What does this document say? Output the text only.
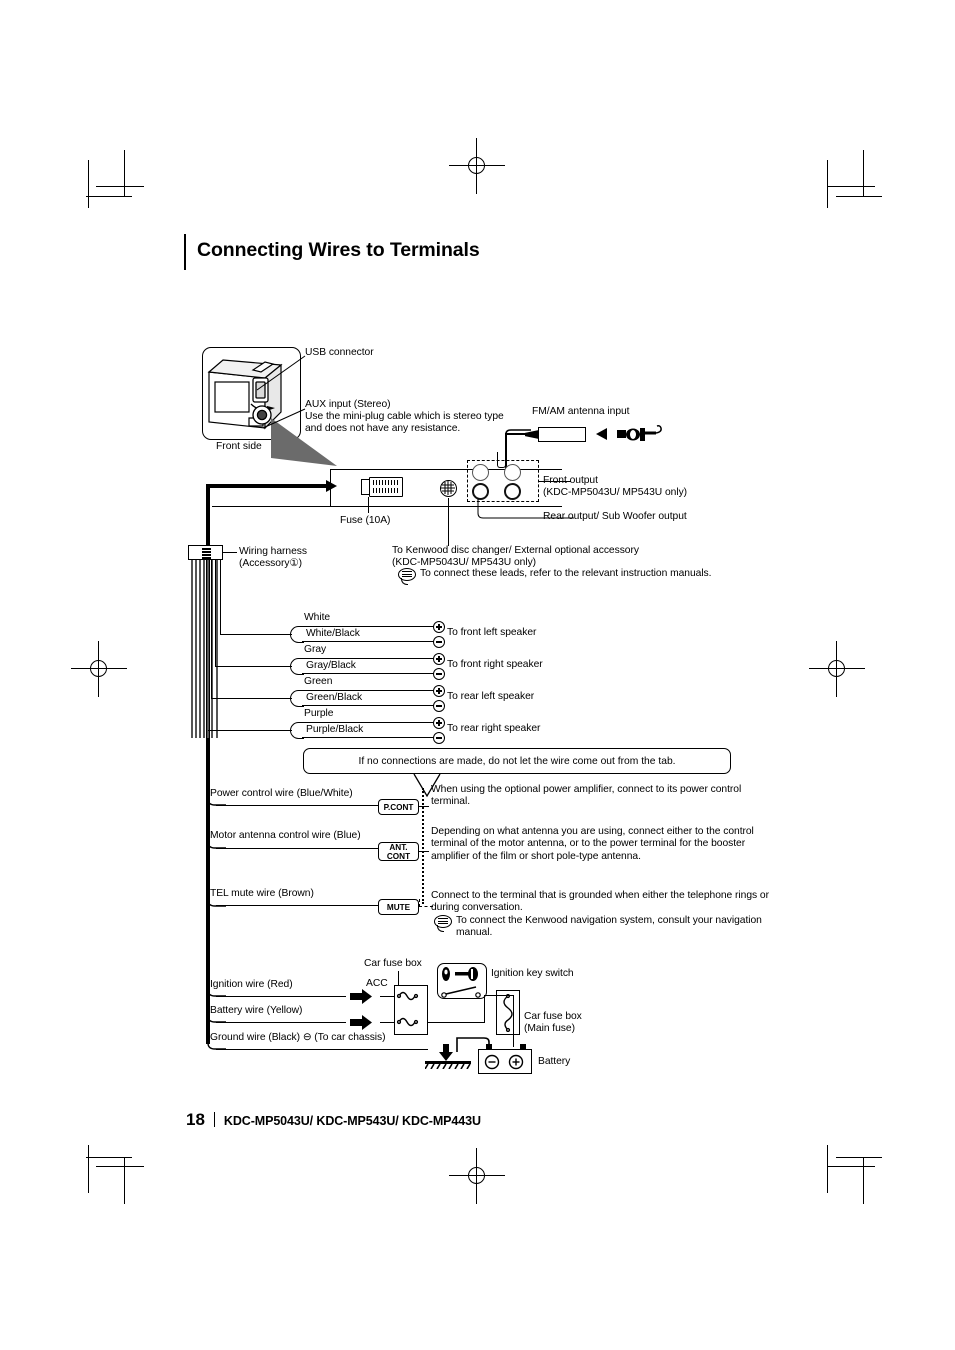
Connecting Wires to Terminals
Front side
USB connector
AUX input (Stereo)
Use the mini-plug cable which is stereo type and does not have any resistance.
FM/AM antenna input
Fuse (10A)
Front output
(KDC-MP5043U/ MP543U only)
Rear output/ Sub Woofer output
To Kenwood disc changer/ External optional accessory
(KDC-MP5043U/ MP543U only)
To connect these leads, refer to the relevant instruction manuals.
Wiring harness
(Accessory①)
White
White/Black	To front left speaker
Gray
Gray/Black	To front right speaker
Green
Green/Black	To rear left speaker
Purple
Purple/Black	To rear right speaker
If no connections are made, do not let the wire come out from the tab.
Power control wire (Blue/White)
P.CONT
When using the optional power amplifier, connect to its power control terminal.
Motor antenna control wire (Blue)
ANT.
CONT
Depending on what antenna you are using, connect either to the control terminal of the motor antenna, or to the power terminal for the booster amplifier of the film or short pole-type antenna.
TEL mute wire (Brown)
MUTE
Connect to the terminal that is grounded when either the telephone rings or during conversation.
To connect the Kenwood navigation system, consult your navigation manual.
Car fuse box
Ignition wire (Red)	ACC
Battery wire (Yellow)
Ground wire (Black) ⊖ (To car chassis)
Ignition key switch
Car fuse box
(Main fuse)
Battery
18 KDC-MP5043U/ KDC-MP543U/ KDC-MP443U
